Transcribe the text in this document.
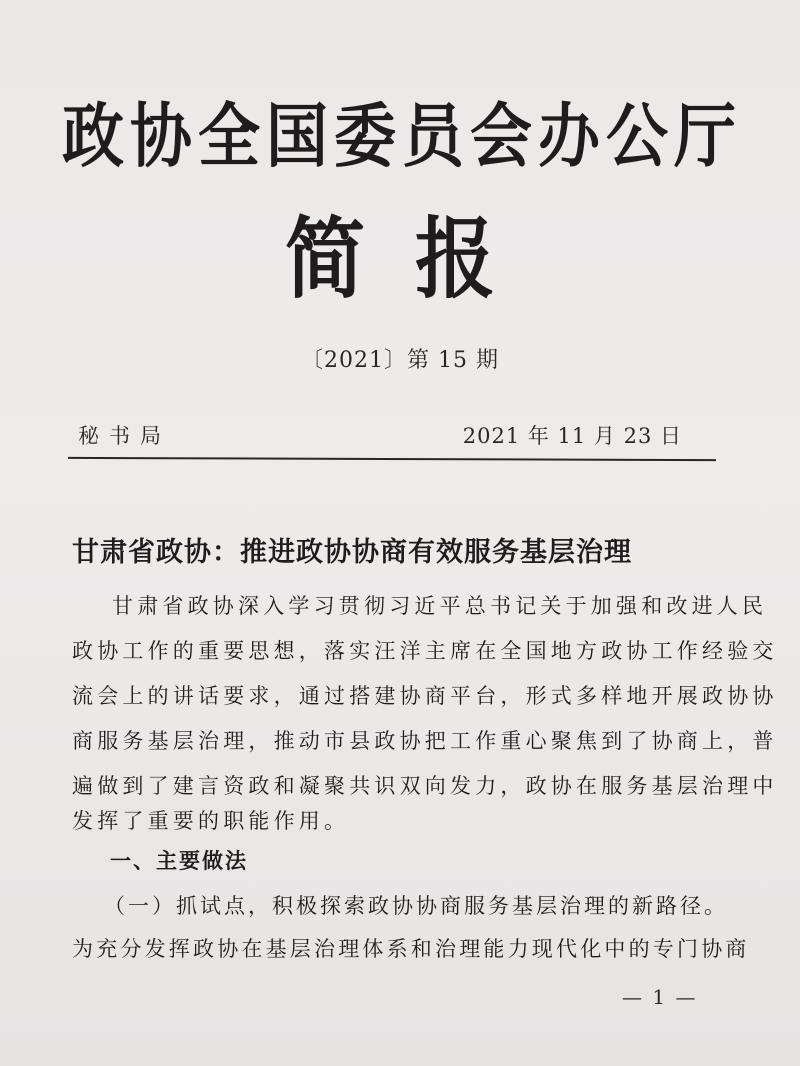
政协全国委员会办公厅
简报
〔2021〕第 15 期
秘书局	2021 年 11 月 23 日
甘肃省政协：推进政协协商有效服务基层治理
甘肃省政协深入学习贯彻习近平总书记关于加强和改进人民
政协工作的重要思想，落实汪洋主席在全国地方政协工作经验交
流会上的讲话要求，通过搭建协商平台，形式多样地开展政协协
商服务基层治理，推动市县政协把工作重心聚焦到了协商上，普
遍做到了建言资政和凝聚共识双向发力，政协在服务基层治理中
发挥了重要的职能作用。
一、主要做法
（一）抓试点，积极探索政协协商服务基层治理的新路径。
为充分发挥政协在基层治理体系和治理能力现代化中的专门协商
— 1 —
